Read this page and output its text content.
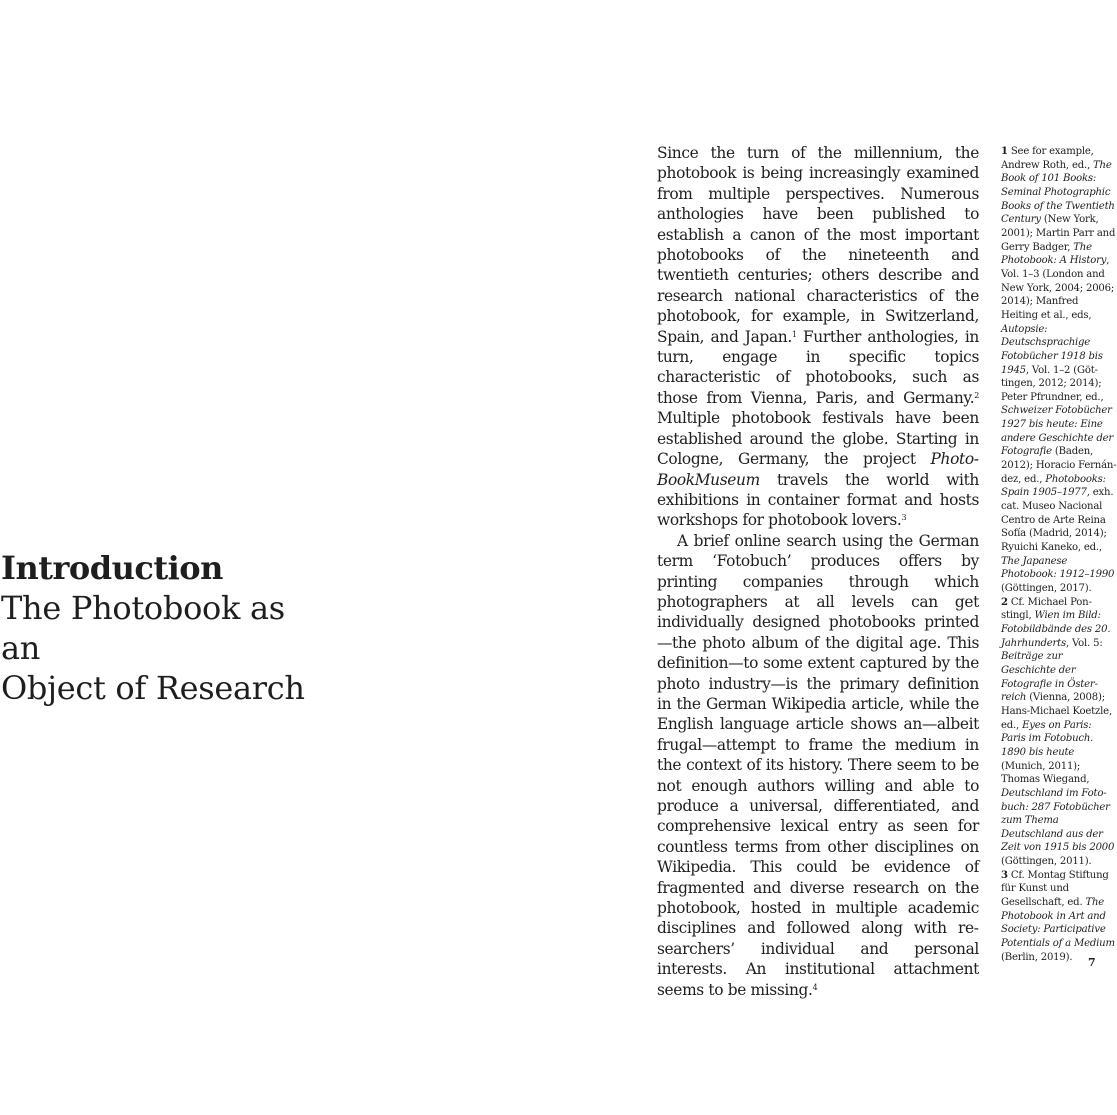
Introduction
The Photobook as an
Object of Research

Since the turn of the millennium, the photobook is being increasingly examined from multiple perspectives. Numerous anthologies have been published to establish a canon of the most important photobooks of the nineteenth and twentieth centuries; others describe and research national characteristics of the photobook, for example, in Switzerland, Spain, and Japan.$^1$ Further anthologies, in turn, engage in specific topics characteristic of photobooks, such as those from Vienna, Paris, and Germany.$^2$ Multiple photobook festivals have been established around the globe. Starting in Cologne, Germany, the project PhotoBookMuseum travels the world with exhibitions in container format and hosts workshops for photobook lovers.$^3$

A brief online search using the German term ‘Fotobuch’ produces offers by printing companies through which photographers at all levels can get individually designed photobooks printed—the photo album of the digital age. This definition—to some extent captured by the photo industry—is the primary definition in the German Wikipedia article, while the English language article shows an—albeit frugal—attempt to frame the medium in the context of its history. There seem to be not enough authors willing and able to produce a universal, differentiated, and comprehensive lexical entry as seen for countless terms from other disciplines on Wikipedia. This could be evidence of fragmented and diverse research on the photobook, hosted in multiple academic disciplines and followed along with researchers’ individual and personal interests. An institutional attachment seems to be missing.$^4$

1 See for example, Andrew Roth, ed., The Book of 101 Books: Seminal Photographic Books of the Twentieth Century (New York, 2001); Martin Parr and Gerry Badger, The Photobook: A History, Vol. 1–3 (London and New York, 2004; 2006; 2014); Manfred Heiting et al., eds, Autopsie: Deutschsprachige Fotobücher 1918 bis 1945, Vol. 1–2 (Göttingen, 2012; 2014); Peter Pfrundner, ed., Schweizer Fotobücher 1927 bis heute: Eine andere Geschichte der Fotografie (Baden, 2012); Horacio Fernández, ed., Photobooks: Spain 1905–1977, exh. cat. Museo Nacional Centro de Arte Reina Sofía (Madrid, 2014); Ryuichi Kaneko, ed., The Japanese Photobook: 1912–1990 (Göttingen, 2017).

2 Cf. Michael Ponstingl, Wien im Bild: Fotobildbände des 20. Jahrhunderts, Vol. 5: Beiträge zur Geschichte der Fotografie in Österreich (Vienna, 2008); Hans-Michael Koetzle, ed., Eyes on Paris: Paris im Fotobuch. 1890 bis heute (Munich, 2011); Thomas Wiegand, Deutschland im Fotobuch: 287 Fotobücher zum Thema Deutschland aus der Zeit von 1915 bis 2000 (Göttingen, 2011).

3 Cf. Montag Stiftung für Kunst und Gesellschaft, ed. The Photobook in Art and Society: Participative Potentials of a Medium (Berlin, 2019).	7
